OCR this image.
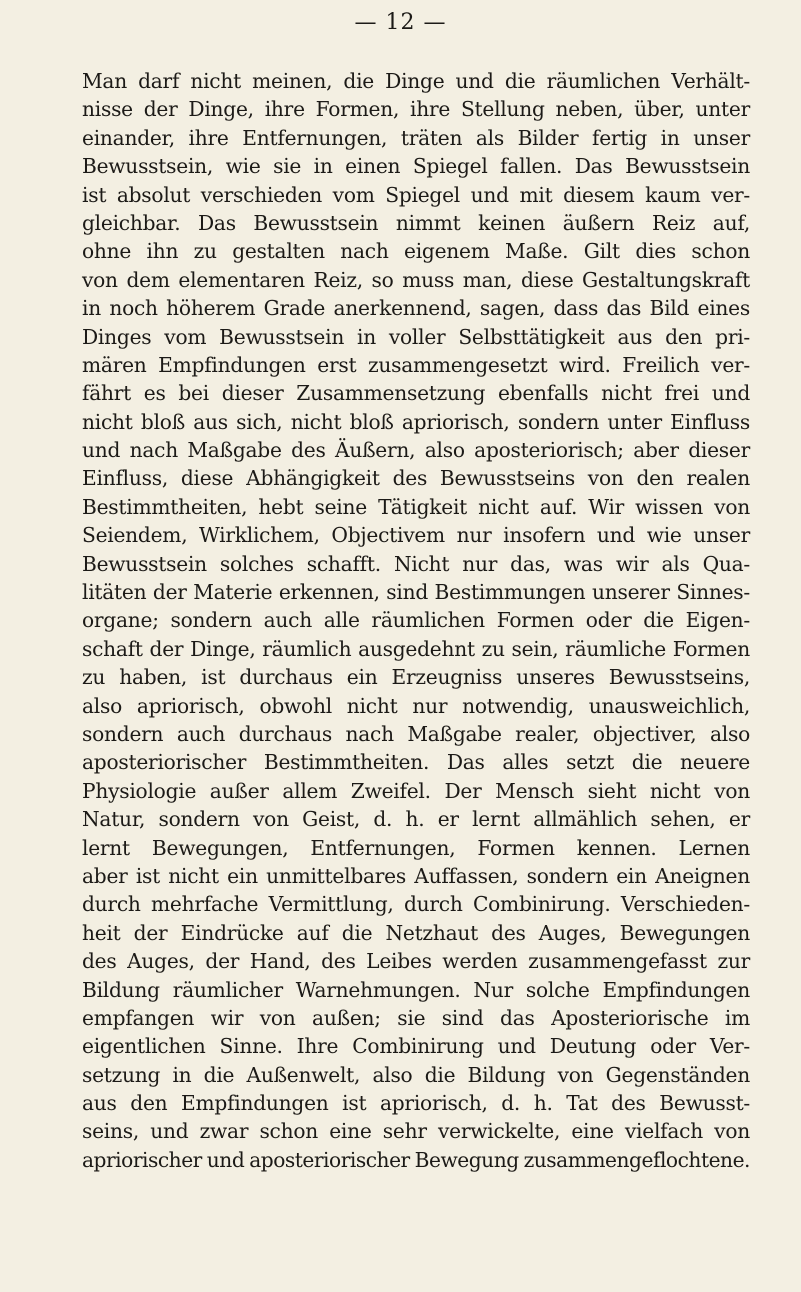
— 12 —
Man darf nicht meinen, die Dinge und die räumlichen Verhält-
nisse der Dinge, ihre Formen, ihre Stellung neben, über, unter
einander, ihre Entfernungen, träten als Bilder fertig in unser
Bewusstsein, wie sie in einen Spiegel fallen. Das Bewusstsein
ist absolut verschieden vom Spiegel und mit diesem kaum ver-
gleichbar. Das Bewusstsein nimmt keinen äußern Reiz auf,
ohne ihn zu gestalten nach eigenem Maße. Gilt dies schon
von dem elementaren Reiz, so muss man, diese Gestaltungskraft
in noch höherem Grade anerkennend, sagen, dass das Bild eines
Dinges vom Bewusstsein in voller Selbsttätigkeit aus den pri-
mären Empfindungen erst zusammengesetzt wird. Freilich ver-
fährt es bei dieser Zusammensetzung ebenfalls nicht frei und
nicht bloß aus sich, nicht bloß apriorisch, sondern unter Einfluss
und nach Maßgabe des Äußern, also aposteriorisch; aber dieser
Einfluss, diese Abhängigkeit des Bewusstseins von den realen
Bestimmtheiten, hebt seine Tätigkeit nicht auf. Wir wissen von
Seiendem, Wirklichem, Objectivem nur insofern und wie unser
Bewusstsein solches schafft. Nicht nur das, was wir als Qua-
litäten der Materie erkennen, sind Bestimmungen unserer Sinnes-
organe; sondern auch alle räumlichen Formen oder die Eigen-
schaft der Dinge, räumlich ausgedehnt zu sein, räumliche Formen
zu haben, ist durchaus ein Erzeugniss unseres Bewusstseins,
also apriorisch, obwohl nicht nur notwendig, unausweichlich,
sondern auch durchaus nach Maßgabe realer, objectiver, also
aposteriorischer Bestimmtheiten. Das alles setzt die neuere
Physiologie außer allem Zweifel. Der Mensch sieht nicht von
Natur, sondern von Geist, d. h. er lernt allmählich sehen, er
lernt Bewegungen, Entfernungen, Formen kennen. Lernen
aber ist nicht ein unmittelbares Auffassen, sondern ein Aneignen
durch mehrfache Vermittlung, durch Combinirung. Verschieden-
heit der Eindrücke auf die Netzhaut des Auges, Bewegungen
des Auges, der Hand, des Leibes werden zusammengefasst zur
Bildung räumlicher Warnehmungen. Nur solche Empfindungen
empfangen wir von außen; sie sind das Aposteriorische im
eigentlichen Sinne. Ihre Combinirung und Deutung oder Ver-
setzung in die Außenwelt, also die Bildung von Gegenständen
aus den Empfindungen ist apriorisch, d. h. Tat des Bewusst-
seins, und zwar schon eine sehr verwickelte, eine vielfach von
apriorischer und aposteriorischer Bewegung zusammengeflochtene.
